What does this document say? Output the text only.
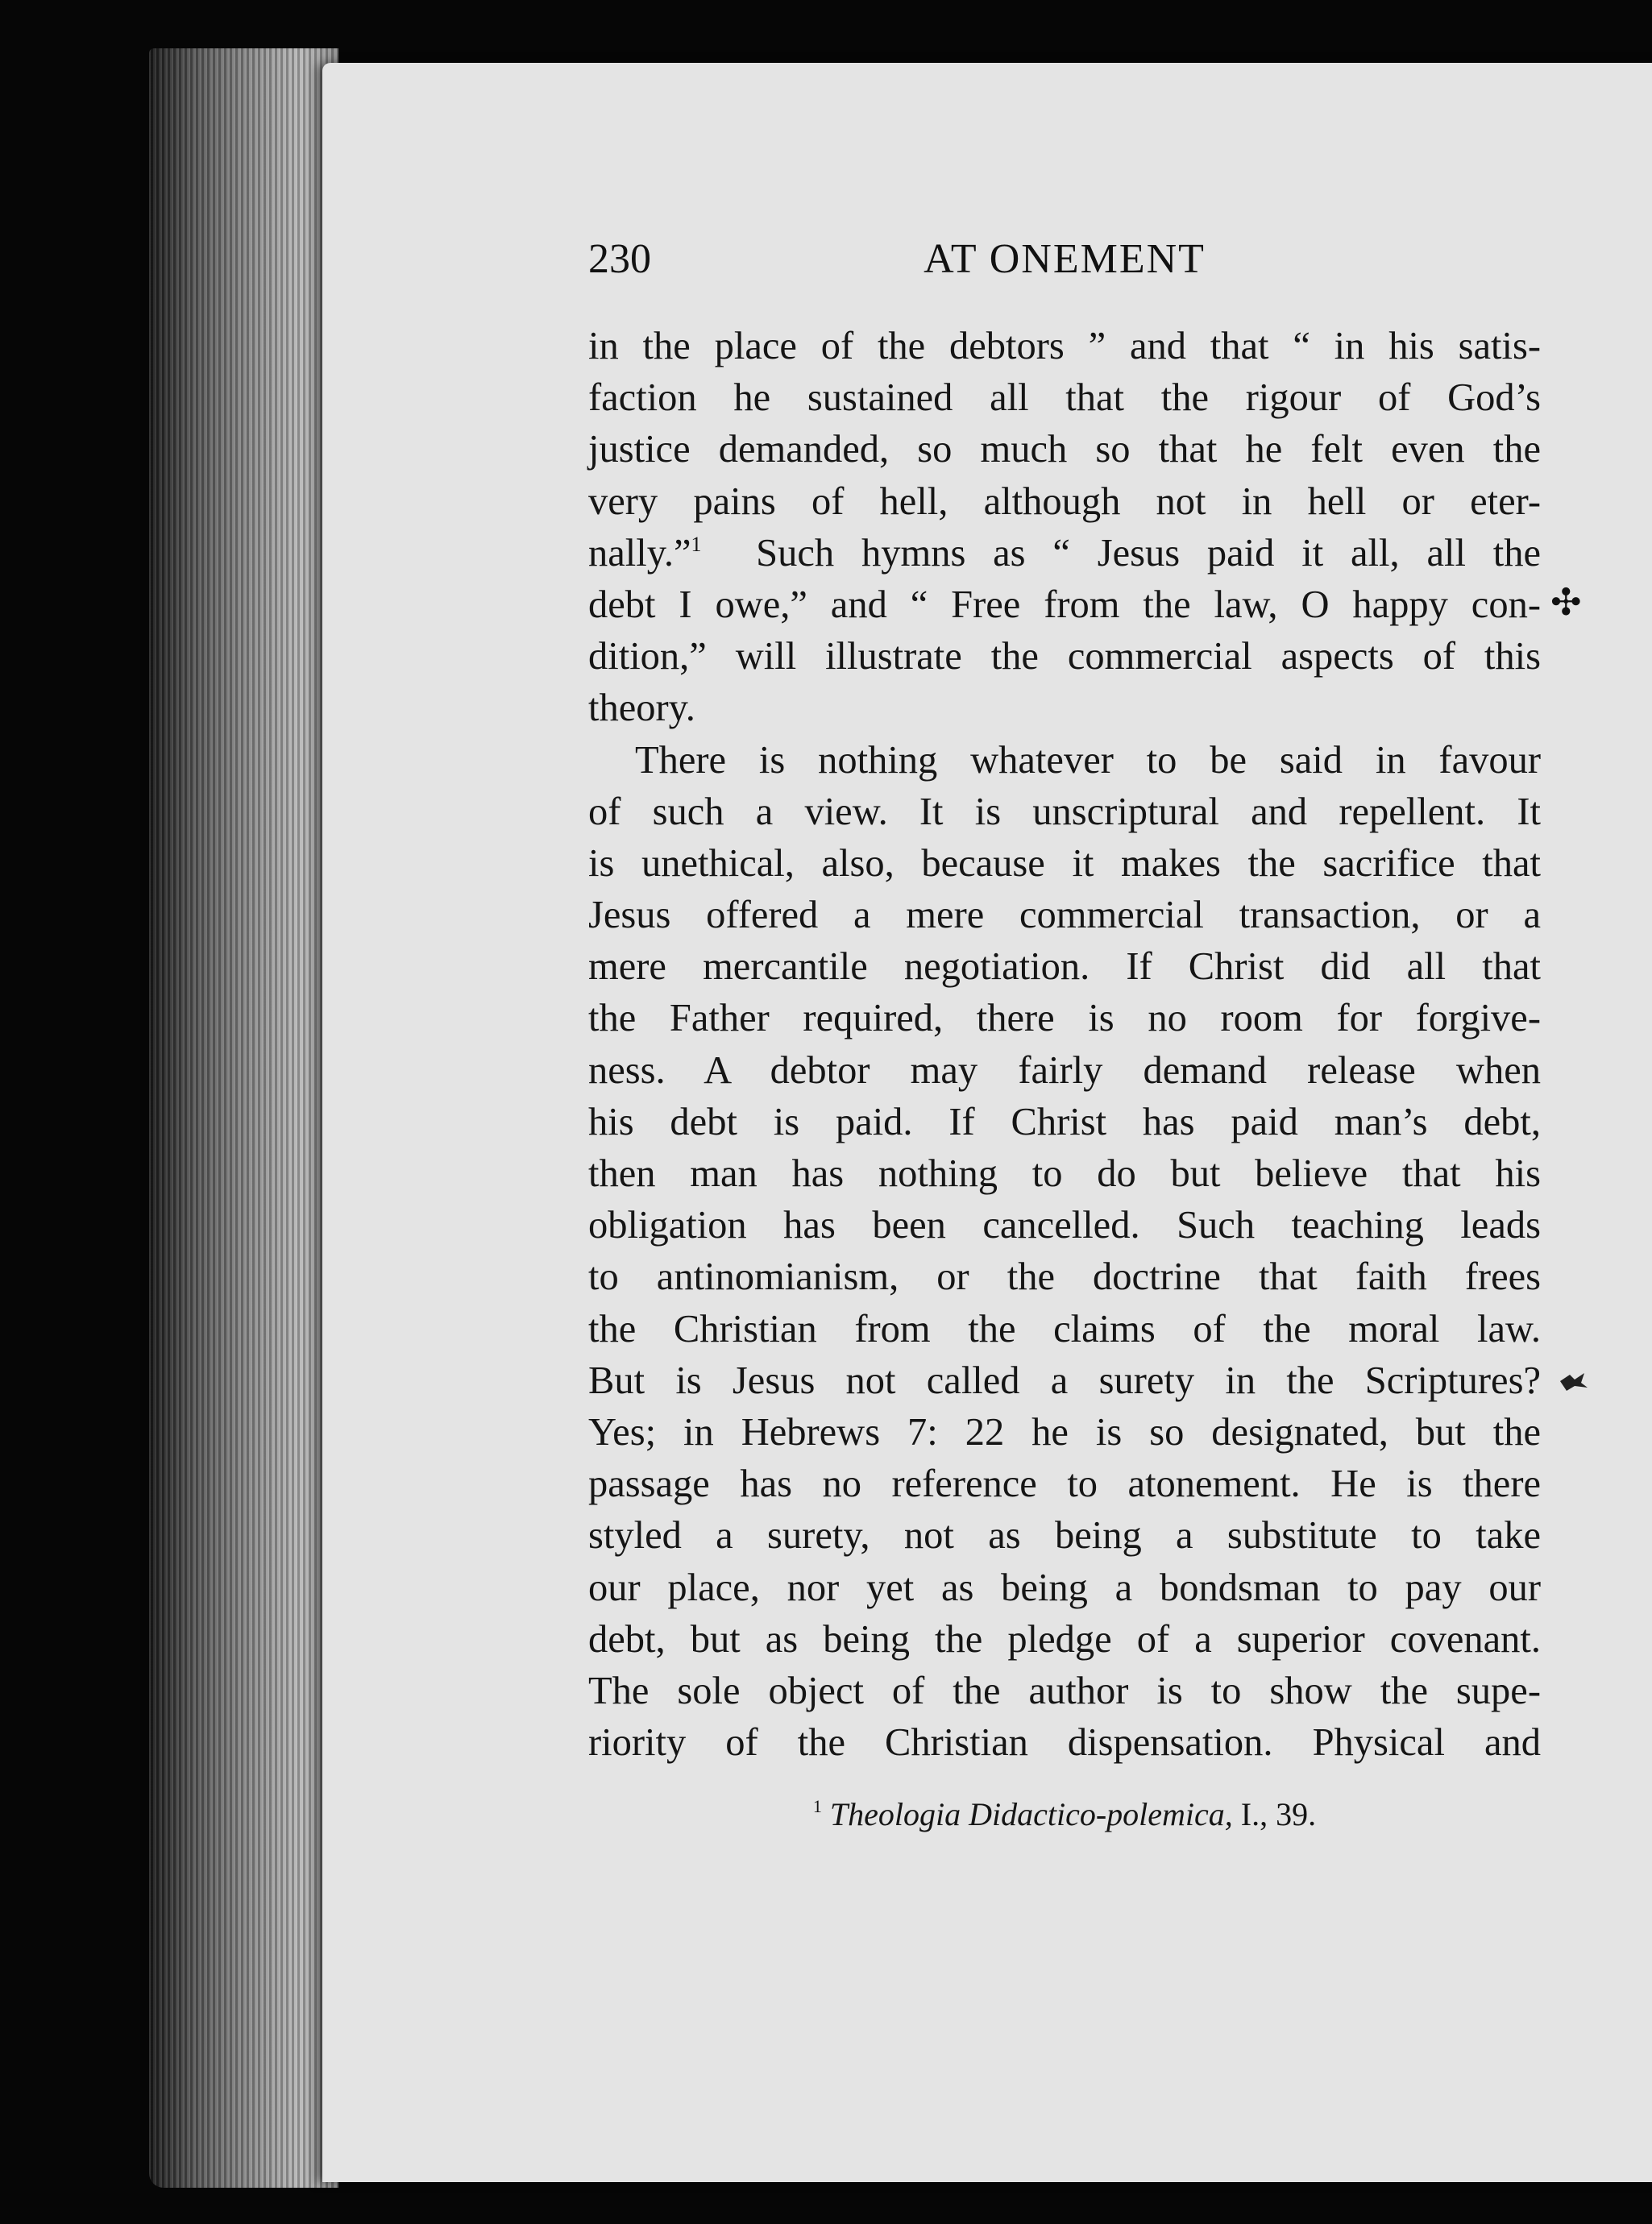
230	AT ONEMENT
in the place of the debtors ” and that “ in his satis-
faction he sustained all that the rigour of God’s
justice demanded, so much so that he felt even the
very pains of hell, although not in hell or eter-
nally.”$^1$ Such hymns as “ Jesus paid it all, all the
debt I owe,” and “ Free from the law, O happy con-
dition,” will illustrate the commercial aspects of this
theory.
There is nothing whatever to be said in favour
of such a view. It is unscriptural and repellent. It
is unethical, also, because it makes the sacrifice that
Jesus offered a mere commercial transaction, or a
mere mercantile negotiation. If Christ did all that
the Father required, there is no room for forgive-
ness. A debtor may fairly demand release when
his debt is paid. If Christ has paid man’s debt,
then man has nothing to do but believe that his
obligation has been cancelled. Such teaching leads
to antinomianism, or the doctrine that faith frees
the Christian from the claims of the moral law.
But is Jesus not called a surety in the Scriptures?
Yes; in Hebrews 7: 22 he is so designated, but the
passage has no reference to atonement. He is there
styled a surety, not as being a substitute to take
our place, nor yet as being a bondsman to pay our
debt, but as being the pledge of a superior covenant.
The sole object of the author is to show the supe-
riority of the Christian dispensation. Physical and
$^1$ Theologia Didactico-polemica, I., 39.
✣
